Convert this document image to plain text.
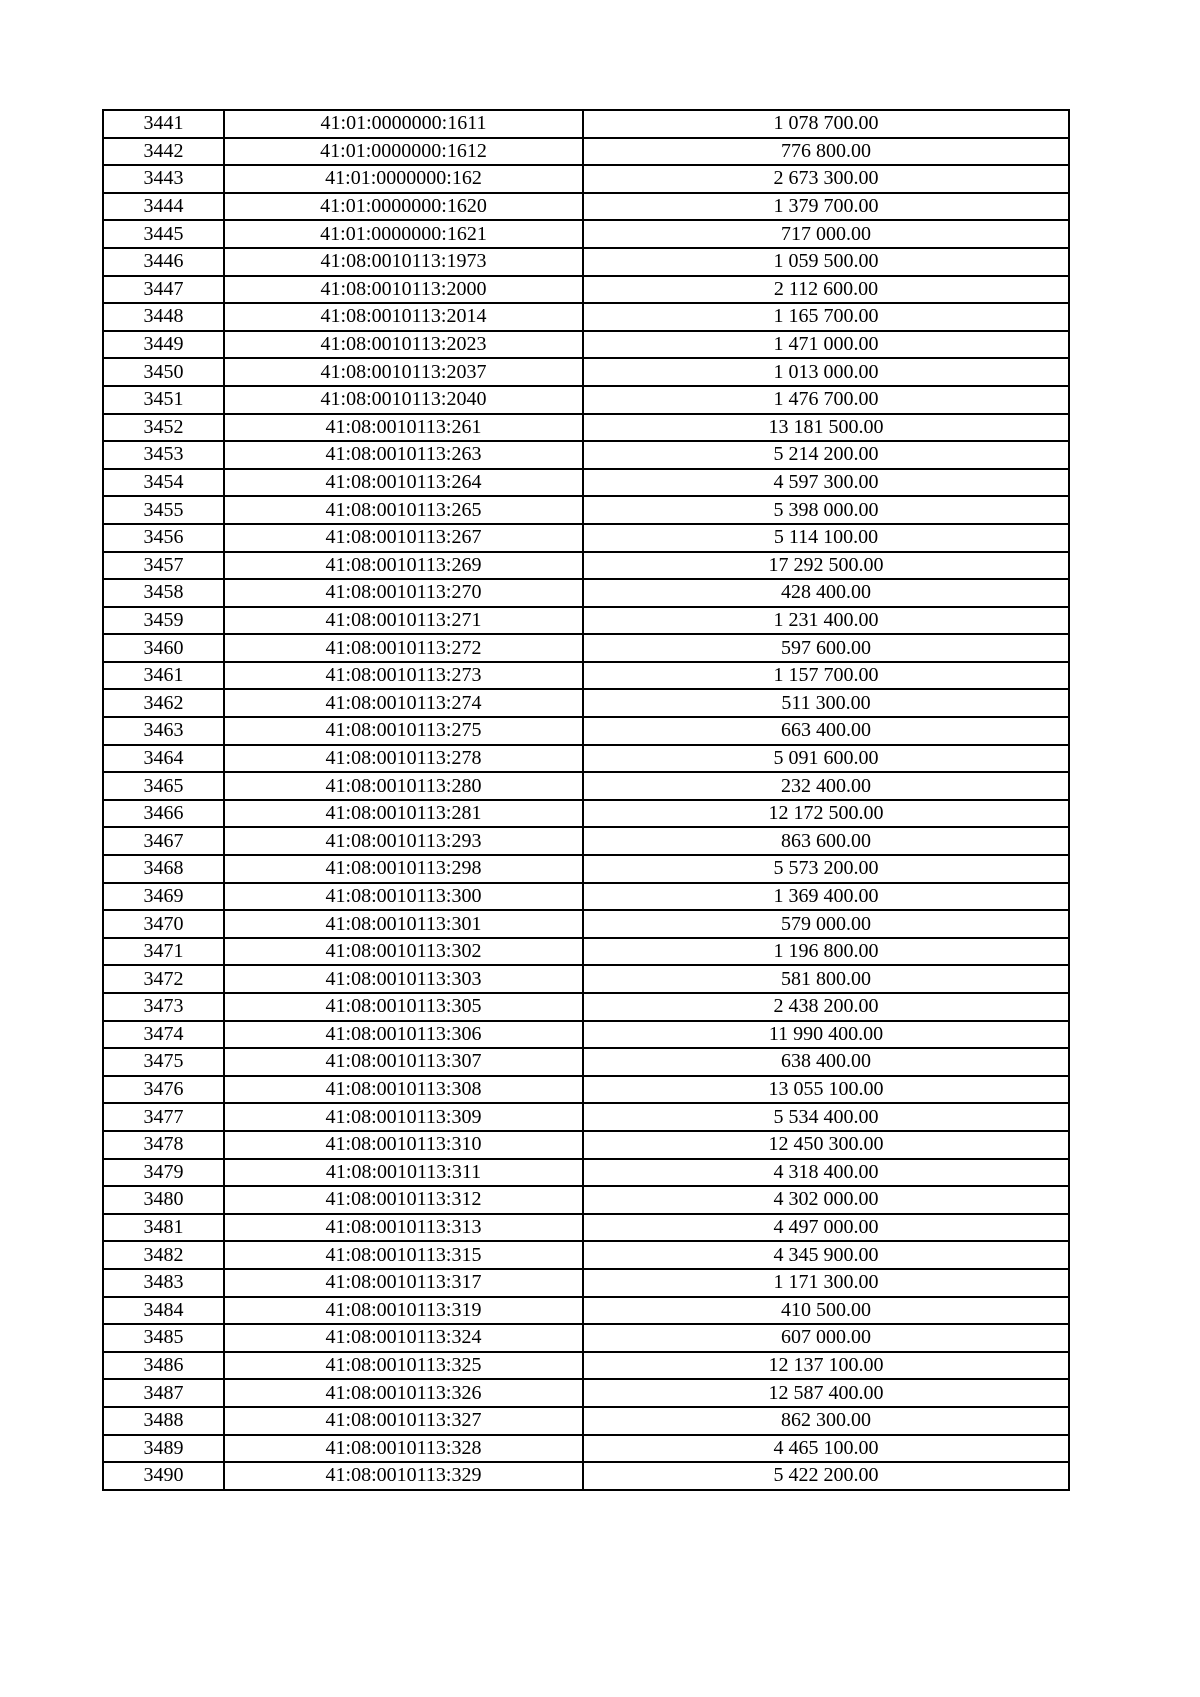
3441	41:01:0000000:1611	1 078 700.00
3442	41:01:0000000:1612	776 800.00
3443	41:01:0000000:162	2 673 300.00
3444	41:01:0000000:1620	1 379 700.00
3445	41:01:0000000:1621	717 000.00
3446	41:08:0010113:1973	1 059 500.00
3447	41:08:0010113:2000	2 112 600.00
3448	41:08:0010113:2014	1 165 700.00
3449	41:08:0010113:2023	1 471 000.00
3450	41:08:0010113:2037	1 013 000.00
3451	41:08:0010113:2040	1 476 700.00
3452	41:08:0010113:261	13 181 500.00
3453	41:08:0010113:263	5 214 200.00
3454	41:08:0010113:264	4 597 300.00
3455	41:08:0010113:265	5 398 000.00
3456	41:08:0010113:267	5 114 100.00
3457	41:08:0010113:269	17 292 500.00
3458	41:08:0010113:270	428 400.00
3459	41:08:0010113:271	1 231 400.00
3460	41:08:0010113:272	597 600.00
3461	41:08:0010113:273	1 157 700.00
3462	41:08:0010113:274	511 300.00
3463	41:08:0010113:275	663 400.00
3464	41:08:0010113:278	5 091 600.00
3465	41:08:0010113:280	232 400.00
3466	41:08:0010113:281	12 172 500.00
3467	41:08:0010113:293	863 600.00
3468	41:08:0010113:298	5 573 200.00
3469	41:08:0010113:300	1 369 400.00
3470	41:08:0010113:301	579 000.00
3471	41:08:0010113:302	1 196 800.00
3472	41:08:0010113:303	581 800.00
3473	41:08:0010113:305	2 438 200.00
3474	41:08:0010113:306	11 990 400.00
3475	41:08:0010113:307	638 400.00
3476	41:08:0010113:308	13 055 100.00
3477	41:08:0010113:309	5 534 400.00
3478	41:08:0010113:310	12 450 300.00
3479	41:08:0010113:311	4 318 400.00
3480	41:08:0010113:312	4 302 000.00
3481	41:08:0010113:313	4 497 000.00
3482	41:08:0010113:315	4 345 900.00
3483	41:08:0010113:317	1 171 300.00
3484	41:08:0010113:319	410 500.00
3485	41:08:0010113:324	607 000.00
3486	41:08:0010113:325	12 137 100.00
3487	41:08:0010113:326	12 587 400.00
3488	41:08:0010113:327	862 300.00
3489	41:08:0010113:328	4 465 100.00
3490	41:08:0010113:329	5 422 200.00
